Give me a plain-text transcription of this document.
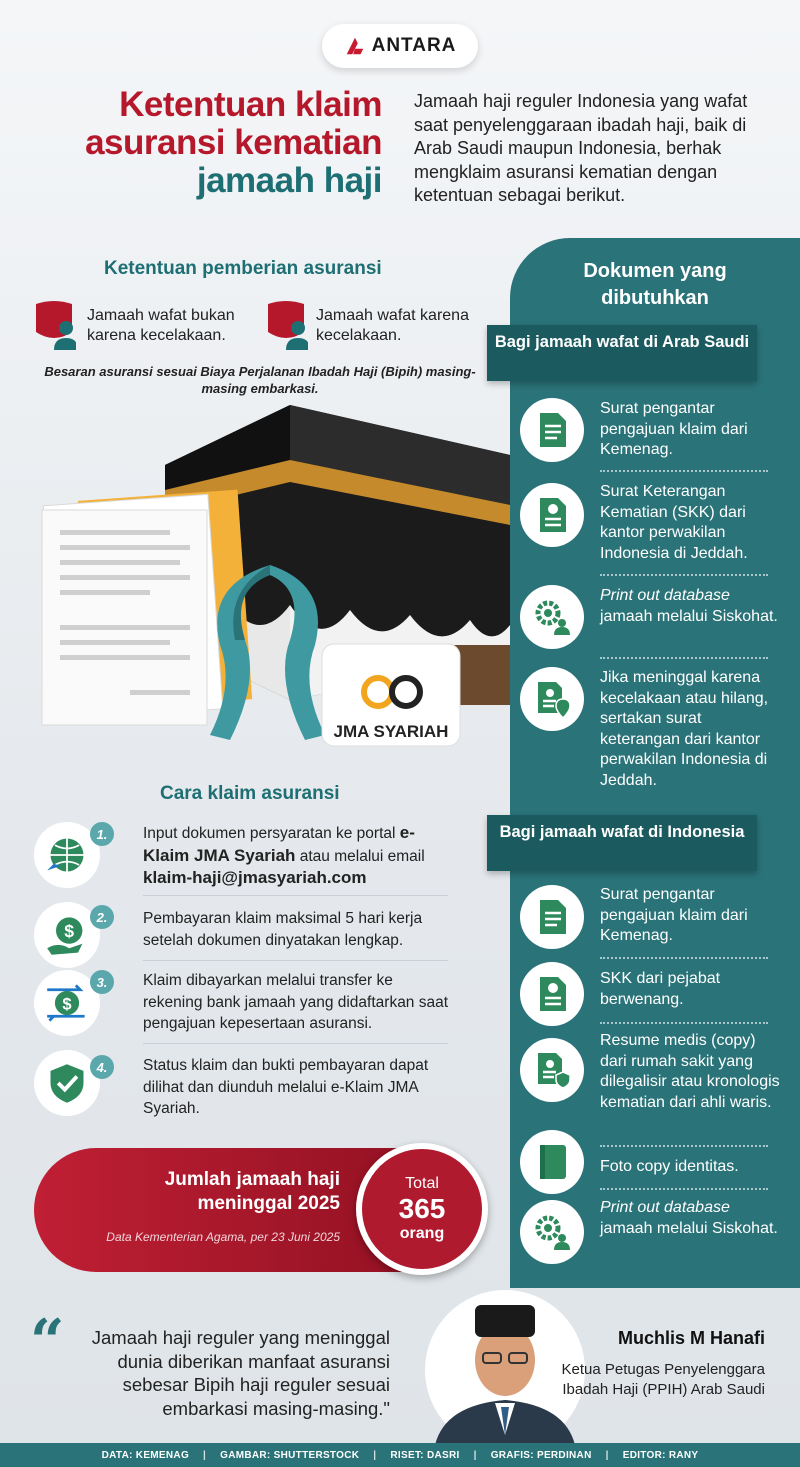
ANTARA
Ketentuan klaim
asuransi kematian
jamaah haji
Jamaah haji reguler Indonesia yang wafat saat penyelenggaraan ibadah haji, baik di Arab Saudi maupun Indonesia, berhak mengklaim asuransi kematian dengan ketentuan sebagai berikut.
Ketentuan pemberian asuransi
Jamaah wafat bukan karena kecelakaan.
Jamaah wafat karena kecelakaan.
Besaran asuransi sesuai Biaya Perjalanan Ibadah Haji (Bipih) masing-masing embarkasi.
JMA SYARIAH
Cara klaim asuransi
1.	Input dokumen persyaratan ke portal e-Klaim JMA Syariah atau melalui email klaim-haji@jmasyariah.com
$
2.	Pembayaran klaim maksimal 5 hari kerja setelah dokumen dinyatakan lengkap.
$
3.	Klaim dibayarkan melalui transfer ke rekening bank jamaah yang didaftarkan saat pengajuan kepesertaan asuransi.
4.	Status klaim dan bukti pembayaran dapat dilihat dan diunduh melalui e-Klaim JMA Syariah.
Jumlah jamaah haji meninggal 2025
Data Kementerian Agama, per 23 Juni 2025
Total
365
orang
Dokumen yang dibutuhkan
Bagi jamaah wafat di Arab Saudi
Surat pengantar pengajuan klaim dari Kemenag.
Surat Keterangan Kematian (SKK) dari kantor perwakilan Indonesia di Jeddah.
Print out database jamaah melalui Siskohat.
Jika meninggal karena kecelakaan atau hilang, sertakan surat keterangan dari kantor perwakilan Indonesia di Jeddah.
Bagi jamaah wafat di Indonesia
Surat pengantar pengajuan klaim dari Kemenag.
SKK dari pejabat berwenang.
Resume medis (copy) dari rumah sakit yang dilegalisir atau kronologis kematian dari ahli waris.
Foto copy identitas.
Print out database jamaah melalui Siskohat.
“	Jamaah haji reguler yang meninggal dunia diberikan manfaat asuransi sebesar Bipih haji reguler sesuai embarkasi masing-masing."
Muchlis M Hanafi
Ketua Petugas Penyelenggara Ibadah Haji (PPIH) Arab Saudi
DATA: KEMENAG | GAMBAR: SHUTTERSTOCK | RISET: DASRI | GRAFIS: PERDINAN | EDITOR: RANY
